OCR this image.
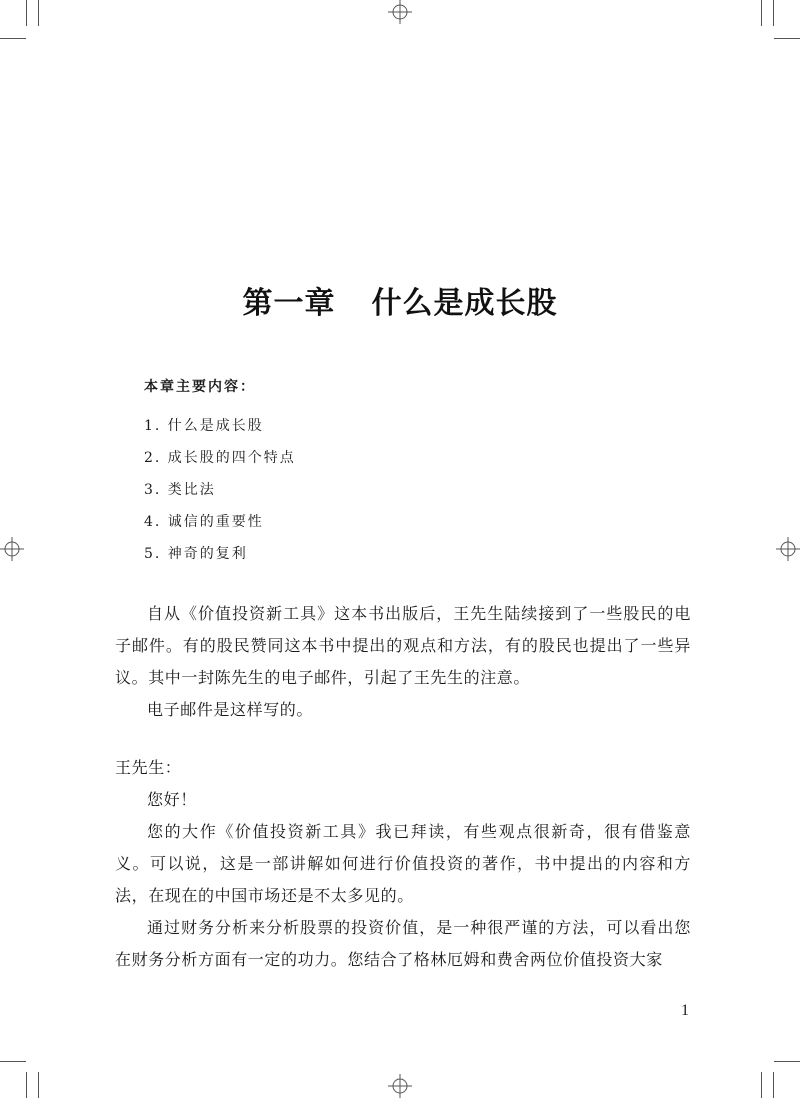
第一章 什么是成长股
本章主要内容：
1. 什么是成长股
2. 成长股的四个特点
3. 类比法
4. 诚信的重要性
5. 神奇的复利

自从《价值投资新工具》这本书出版后，王先生陆续接到了一些股民的电子邮件。有的股民赞同这本书中提出的观点和方法，有的股民也提出了一些异议。其中一封陈先生的电子邮件，引起了王先生的注意。

电子邮件是这样写的。

王先生：

您好！

您的大作《价值投资新工具》我已拜读，有些观点很新奇，很有借鉴意义。可以说，这是一部讲解如何进行价值投资的著作，书中提出的内容和方法，在现在的中国市场还是不太多见的。

通过财务分析来分析股票的投资价值，是一种很严谨的方法，可以看出您在财务分析方面有一定的功力。您结合了格林厄姆和费舍两位价值投资大家

1
